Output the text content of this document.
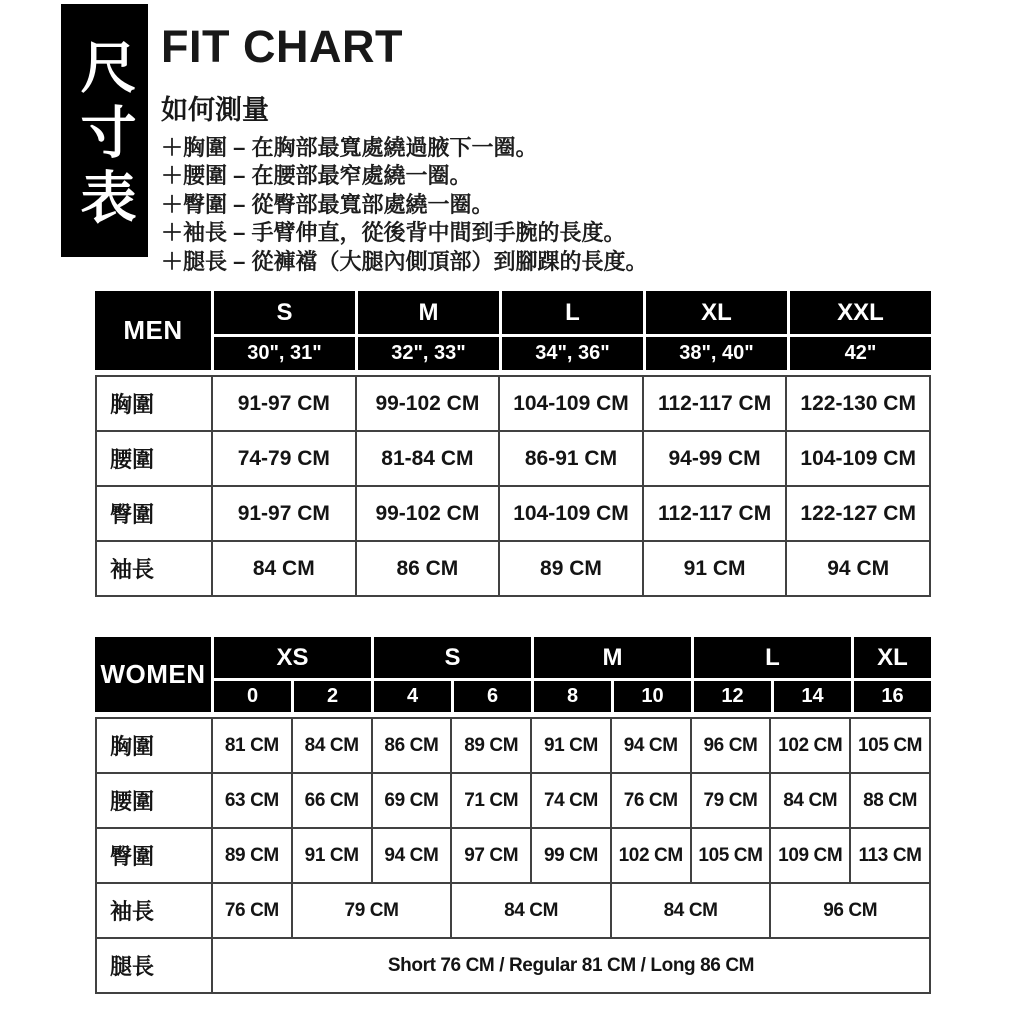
尺寸表 FIT CHART
如何測量
＋胸圍 – 在胸部最寬處繞過腋下一圈。
＋腰圍 – 在腰部最窄處繞一圈。
＋臀圍 – 從臀部最寬部處繞一圈。
＋袖長 – 手臂伸直，從後背中間到手腕的長度。
＋腿長 – 從褲襠（大腿內側頂部）到腳踝的長度。
MEN
S	M	L	XL	XXL
30", 31"	32", 33"	34", 36"	38", 40"	42"
胸圍	91-97 CM	99-102 CM	104-109 CM	112-117 CM	122-130 CM
腰圍	74-79 CM	81-84 CM	86-91 CM	94-99 CM	104-109 CM
臀圍	91-97 CM	99-102 CM	104-109 CM	112-117 CM	122-127 CM
袖長	84 CM	86 CM	89 CM	91 CM	94 CM
WOMEN
XS	S	M	L	XL
0	2	4	6	8	10	12	14	16
胸圍	81 CM	84 CM	86 CM	89 CM	91 CM	94 CM	96 CM	102 CM	105 CM
腰圍	63 CM	66 CM	69 CM	71 CM	74 CM	76 CM	79 CM	84 CM	88 CM
臀圍	89 CM	91 CM	94 CM	97 CM	99 CM	102 CM	105 CM	109 CM	113 CM
袖長	76 CM	79 CM		84 CM		84 CM		96 CM	
腿長	Short 76 CM / Regular 81 CM / Long 86 CM								
